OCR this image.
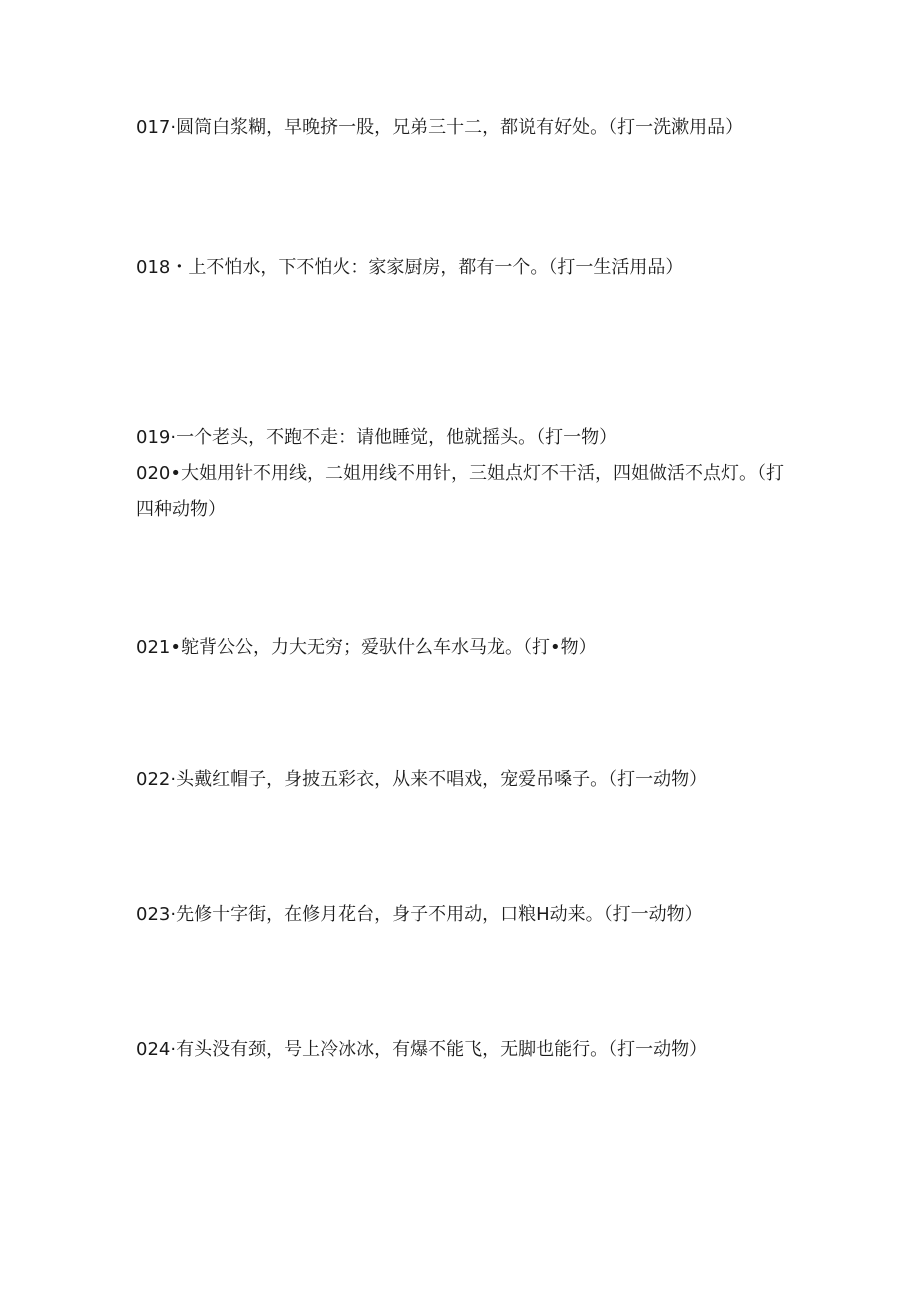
017·圆筒白浆糊，早晚挤一股，兄弟三十二，都说有好处。（打一洗漱用品）

018・上不怕水，下不怕火：家家厨房，都有一个。（打一生活用品）

019·一个老头，不跑不走：请他睡觉，他就摇头。（打一物）

020•大姐用针不用线，二姐用线不用针，三姐点灯不干活，四姐做活不点灯。（打四种动物）

021•鸵背公公，力大无穷；爱驮什么车水马龙。（打•物）

022·头戴红帽子，身披五彩衣，从来不唱戏，宠爱吊嗓子。（打一动物）

023·先修十字街，在修月花台，身子不用动，口粮H动来。（打一动物）

024·有头没有颈，号上冷冰冰，有爆不能飞，无脚也能行。（打一动物）
